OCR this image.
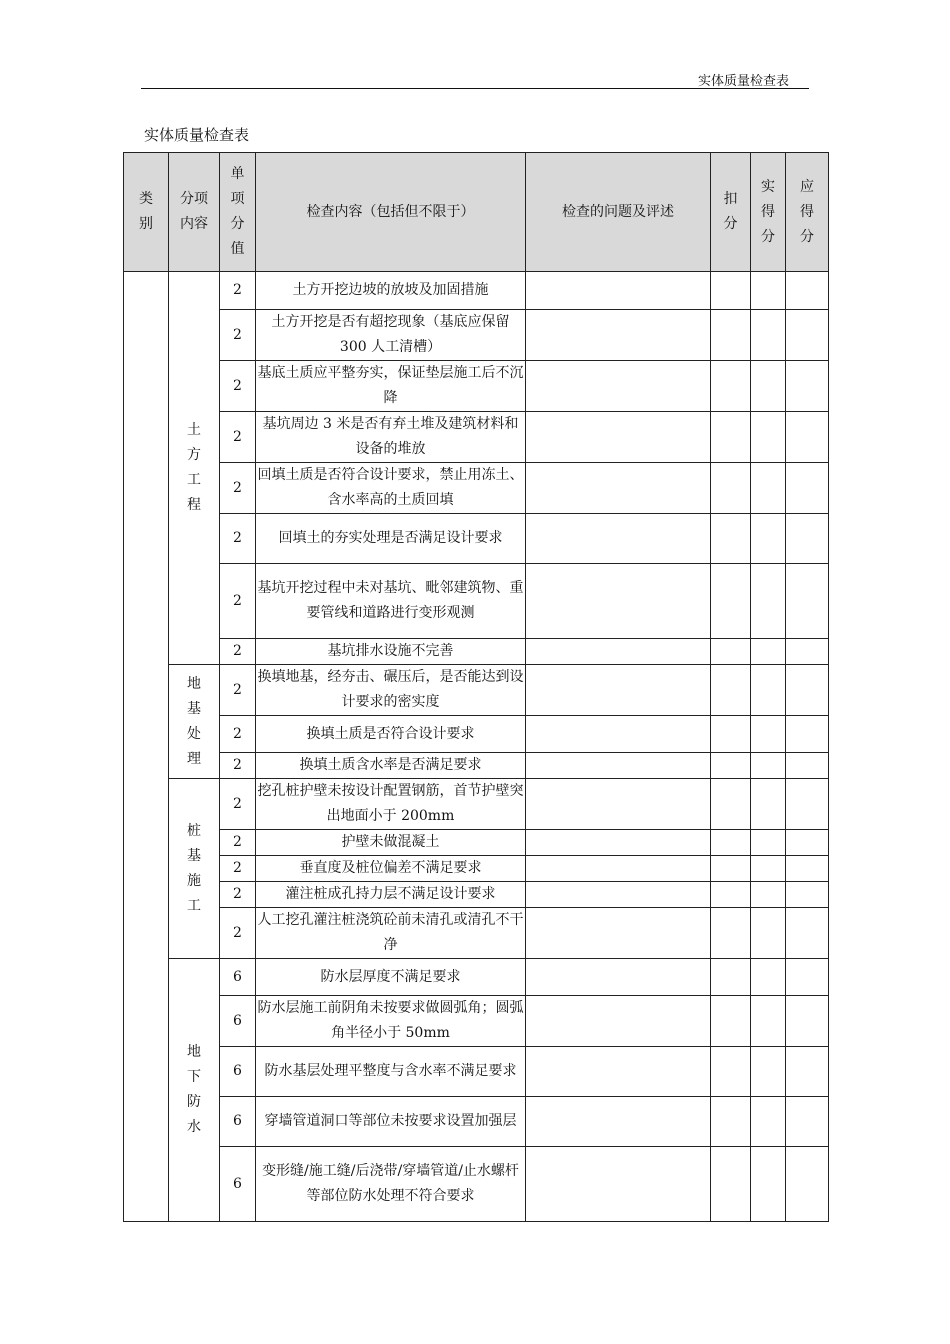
实体质量检查表
实体质量检查表
类别	分项内容	单项分值	检查内容（包括但不限于）	检查的问题及评述	扣分	实得分	应得分

	土方工程	2	土方开挖边坡的放坡及加固措施				
		2	土方开挖是否有超挖现象（基底应保留 300 人工清槽）				
		2	基底土质应平整夯实，保证垫层施工后不沉降				
		2	基坑周边 3 米是否有弃土堆及建筑材料和设备的堆放				
		2	回填土质是否符合设计要求，禁止用冻土、含水率高的土质回填				
		2	回填土的夯实处理是否满足设计要求				
		2	基坑开挖过程中未对基坑、毗邻建筑物、重要管线和道路进行变形观测				
		2	基坑排水设施不完善				

	地基处理	2	换填地基，经夯击、碾压后，是否能达到设计要求的密实度				
		2	换填土质是否符合设计要求				
		2	换填土质含水率是否满足要求				

	桩基施工	2	挖孔桩护壁未按设计配置钢筋，首节护壁突出地面小于 200mm				
		2	护壁未做混凝土				
		2	垂直度及桩位偏差不满足要求				
		2	灌注桩成孔持力层不满足设计要求				
		2	人工挖孔灌注桩浇筑砼前未清孔或清孔不干净				

	地下防水	6	防水层厚度不满足要求				
		6	防水层施工前阴角未按要求做圆弧角；圆弧角半径小于 50mm				
		6	防水基层处理平整度与含水率不满足要求				
		6	穿墙管道洞口等部位未按要求设置加强层				
		6	变形缝/施工缝/后浇带/穿墙管道/止水螺杆等部位防水处理不符合要求				
